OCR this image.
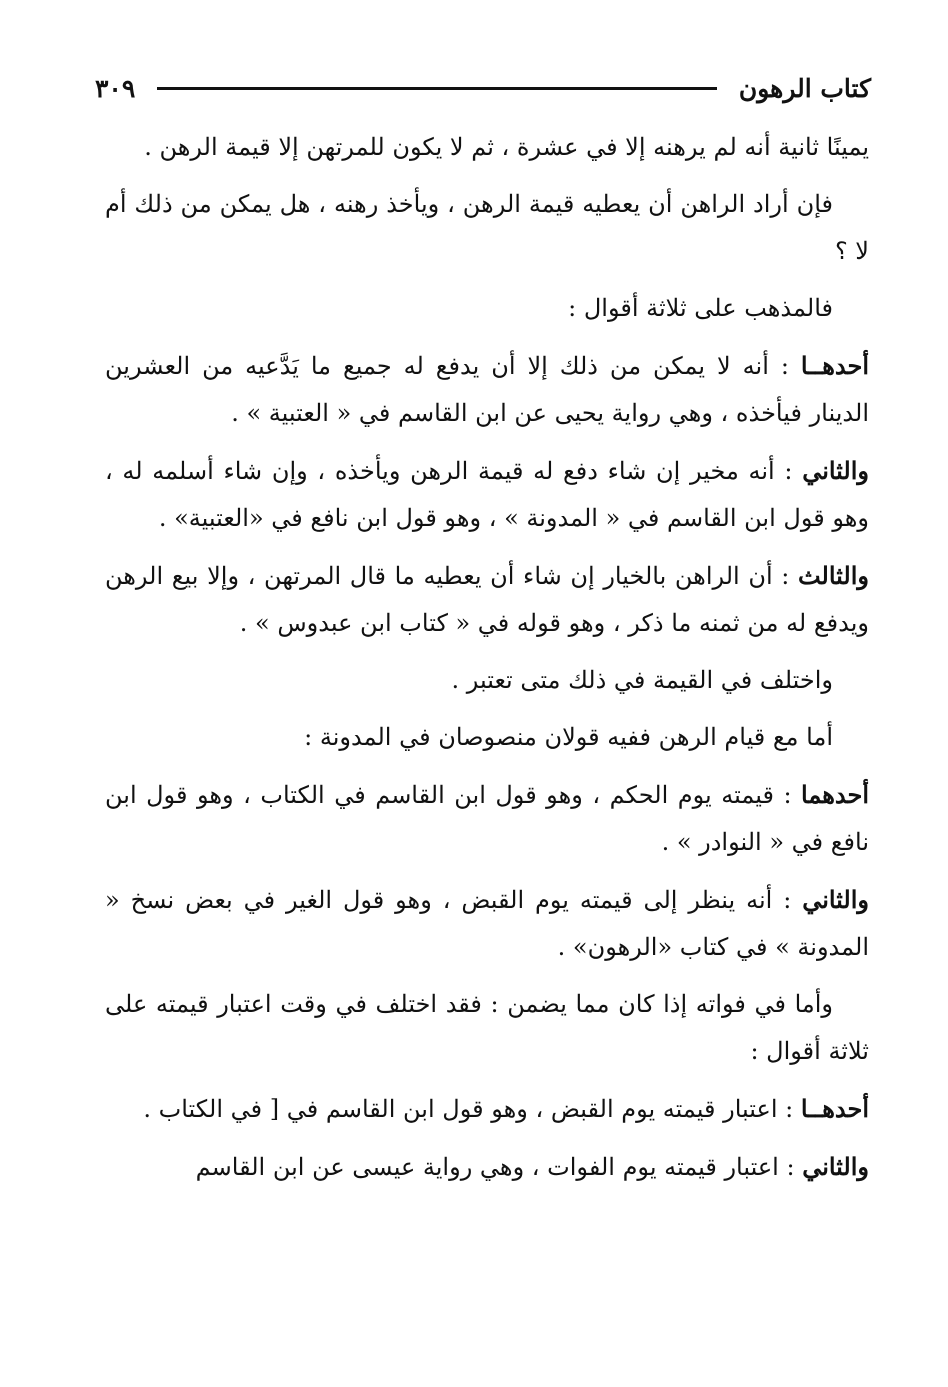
كتاب الرهون
٣٠٩

يمينًا ثانية أنه لم يرهنه إلا في عشرة ، ثم لا يكون للمرتهن إلا قيمة الرهن .

فإن أراد الراهن أن يعطيه قيمة الرهن ، ويأخذ رهنه ، هل يمكن من ذلك أم لا ؟

فالمذهب على ثلاثة أقوال :

أحدهــا : أنه لا يمكن من ذلك إلا أن يدفع له جميع ما يَدَّعيه من العشرين الدينار فيأخذه ، وهي رواية يحيى عن ابن القاسم في « العتبية » .

والثاني : أنه مخير إن شاء دفع له قيمة الرهن ويأخذه ، وإن شاء أسلمه له ، وهو قول ابن القاسم في « المدونة » ، وهو قول ابن نافع في «العتبية» .

والثالث : أن الراهن بالخيار إن شاء أن يعطيه ما قال المرتهن ، وإلا بيع الرهن ويدفع له من ثمنه ما ذكر ، وهو قوله في « كتاب ابن عبدوس » .

واختلف في القيمة في ذلك متى تعتبر .

أما مع قيام الرهن ففيه قولان منصوصان في المدونة :

أحدهما : قيمته يوم الحكم ، وهو قول ابن القاسم في الكتاب ، وهو قول ابن نافع في « النوادر » .

والثاني : أنه ينظر إلى قيمته يوم القبض ، وهو قول الغير في بعض نسخ « المدونة » في كتاب «الرهون» .

وأما في فواته إذا كان مما يضمن : فقد اختلف في وقت اعتبار قيمته على ثلاثة أقوال :

أحدهــا : اعتبار قيمته يوم القبض ، وهو قول ابن القاسم في [ في الكتاب .

والثاني : اعتبار قيمته يوم الفوات ، وهي رواية عيسى عن ابن القاسم
